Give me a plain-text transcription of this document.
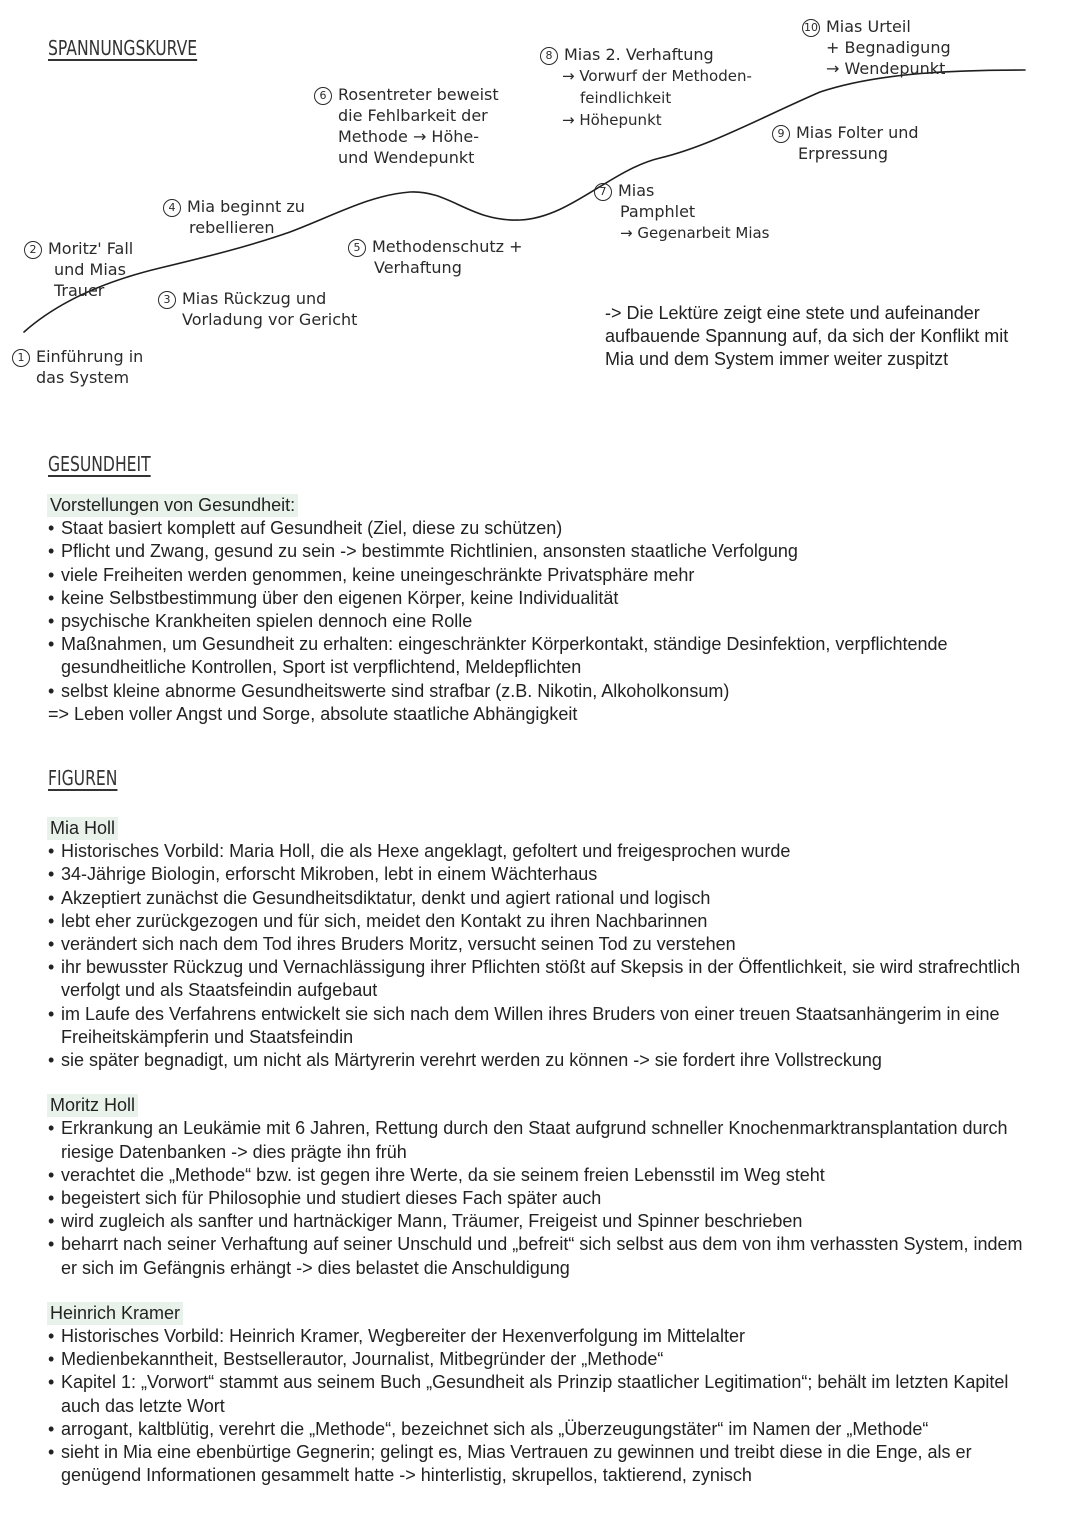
SPANNUNGSKURVE
1 Einführung in
das System
2 Moritz' Fall
und Mias
Trauer	3 Mias Rückzug und
Vorladung vor Gericht
4 Mia beginnt zu
rebellieren
5 Methodenschutz +
Verhaftung
6 Rosentreter beweist
die Fehlbarkeit der
Methode → Höhe-
und Wendepunkt
7 Mias
Pamphlet
→ Gegenarbeit Mias
8 Mias 2. Verhaftung
→ Vorwurf der Methoden-
feindlichkeit
→ Höhepunkt
9 Mias Folter und
Erpressung
10 Mias Urteil
+ Begnadigung
→ Wendepunkt
-> Die Lektüre zeigt eine stete und aufeinander aufbauende Spannung auf, da sich der Konflikt mit Mia und dem System immer weiter zuspitzt
GESUNDHEIT
Vorstellungen von Gesundheit:
• Staat basiert komplett auf Gesundheit (Ziel, diese zu schützen)
• Pflicht und Zwang, gesund zu sein -> bestimmte Richtlinien, ansonsten staatliche Verfolgung
• viele Freiheiten werden genommen, keine uneingeschränkte Privatsphäre mehr
• keine Selbstbestimmung über den eigenen Körper, keine Individualität
• psychische Krankheiten spielen dennoch eine Rolle
• Maßnahmen, um Gesundheit zu erhalten: eingeschränkter Körperkontakt, ständige Desinfektion, verpflichtende gesundheitliche Kontrollen, Sport ist verpflichtend, Meldepflichten
• selbst kleine abnorme Gesundheitswerte sind strafbar (z.B. Nikotin, Alkoholkonsum)
=> Leben voller Angst und Sorge, absolute staatliche Abhängigkeit
FIGUREN
Mia Holl
• Historisches Vorbild: Maria Holl, die als Hexe angeklagt, gefoltert und freigesprochen wurde
• 34-Jährige Biologin, erforscht Mikroben, lebt in einem Wächterhaus
• Akzeptiert zunächst die Gesundheitsdiktatur, denkt und agiert rational und logisch
• lebt eher zurückgezogen und für sich, meidet den Kontakt zu ihren Nachbarinnen
• verändert sich nach dem Tod ihres Bruders Moritz, versucht seinen Tod zu verstehen
• ihr bewusster Rückzug und Vernachlässigung ihrer Pflichten stößt auf Skepsis in der Öffentlichkeit, sie wird strafrechtlich verfolgt und als Staatsfeindin aufgebaut
• im Laufe des Verfahrens entwickelt sie sich nach dem Willen ihres Bruders von einer treuen Staatsanhängerim in eine Freiheitskämpferin und Staatsfeindin
• sie später begnadigt, um nicht als Märtyrerin verehrt werden zu können -> sie fordert ihre Vollstreckung
Moritz Holl
• Erkrankung an Leukämie mit 6 Jahren, Rettung durch den Staat aufgrund schneller Knochenmarktransplantation durch riesige Datenbanken -> dies prägte ihn früh
• verachtet die „Methode“ bzw. ist gegen ihre Werte, da sie seinem freien Lebensstil im Weg steht
• begeistert sich für Philosophie und studiert dieses Fach später auch
• wird zugleich als sanfter und hartnäckiger Mann, Träumer, Freigeist und Spinner beschrieben
• beharrt nach seiner Verhaftung auf seiner Unschuld und „befreit“ sich selbst aus dem von ihm verhassten System, indem er sich im Gefängnis erhängt -> dies belastet die Anschuldigung
Heinrich Kramer
• Historisches Vorbild: Heinrich Kramer, Wegbereiter der Hexenverfolgung im Mittelalter
• Medienbekanntheit, Bestsellerautor, Journalist, Mitbegründer der „Methode“
• Kapitel 1: „Vorwort“ stammt aus seinem Buch „Gesundheit als Prinzip staatlicher Legitimation“; behält im letzten Kapitel auch das letzte Wort
• arrogant, kaltblütig, verehrt die „Methode“, bezeichnet sich als „Überzeugungstäter“ im Namen der „Methode“
• sieht in Mia eine ebenbürtige Gegnerin; gelingt es, Mias Vertrauen zu gewinnen und treibt diese in die Enge, als er genügend Informationen gesammelt hatte -> hinterlistig, skrupellos, taktierend, zynisch
